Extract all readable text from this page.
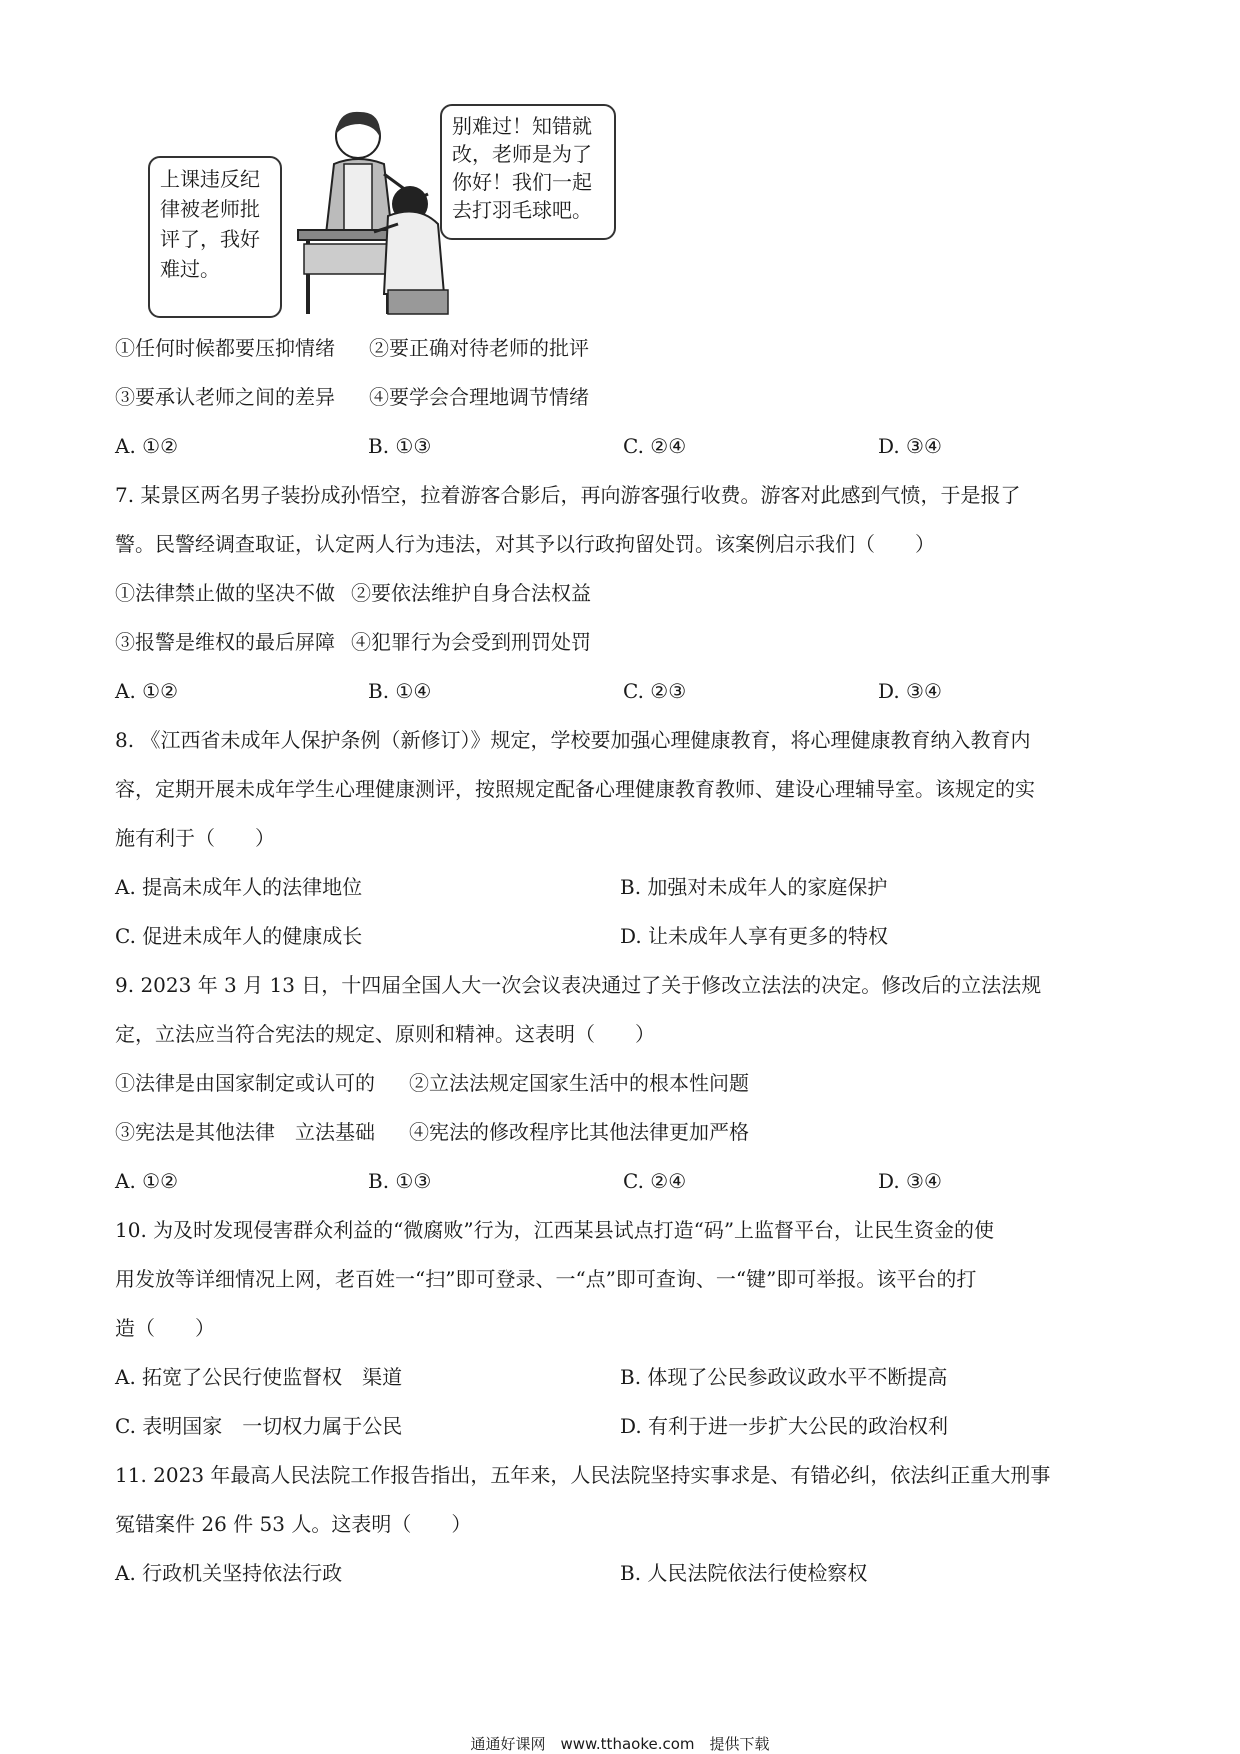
上课违反纪
律被老师批
评了，我好
难过。
别难过！知错就
改，老师是为了
你好！我们一起
去打羽毛球吧。
①任何时候都要压抑情绪 ②要正确对待老师的批评
③要承认老师之间的差异 ④要学会合理地调节情绪
A. ①②	B. ①③	C. ②④	D. ③④
7. 某景区两名男子装扮成孙悟空，拉着游客合影后，再向游客强行收费。游客对此感到气愤，于是报了
警。民警经调查取证，认定两人行为违法，对其予以行政拘留处罚。该案例启示我们（　　）
①法律禁止做的坚决不做 ②要依法维护自身合法权益
③报警是维权的最后屏障 ④犯罪行为会受到刑罚处罚
A. ①②	B. ①④	C. ②③	D. ③④
8. 《江西省未成年人保护条例（新修订）》规定，学校要加强心理健康教育，将心理健康教育纳入教育内
容，定期开展未成年学生心理健康测评，按照规定配备心理健康教育教师、建设心理辅导室。该规定的实
施有利于（　　）
A. 提高未成年人的法律地位	B. 加强对未成年人的家庭保护
C. 促进未成年人的健康成长	D. 让未成年人享有更多的特权
9. 2023 年 3 月 13 日，十四届全国人大一次会议表决通过了关于修改立法法的决定。修改后的立法法规
定，立法应当符合宪法的规定、原则和精神。这表明（　　）
①法律是由国家制定或认可的 ②立法法规定国家生活中的根本性问题
③宪法是其他法律　立法基础 ④宪法的修改程序比其他法律更加严格
A. ①②	B. ①③	C. ②④	D. ③④
10. 为及时发现侵害群众利益的“微腐败”行为，江西某县试点打造“码”上监督平台，让民生资金的使
用发放等详细情况上网，老百姓一“扫”即可登录、一“点”即可查询、一“键”即可举报。该平台的打
造（　　）
A. 拓宽了公民行使监督权　渠道	B. 体现了公民参政议政水平不断提高
C. 表明国家　一切权力属于公民	D. 有利于进一步扩大公民的政治权利
11. 2023 年最高人民法院工作报告指出，五年来，人民法院坚持实事求是、有错必纠，依法纠正重大刑事
冤错案件 26 件 53 人。这表明（　　）
A. 行政机关坚持依法行政	B. 人民法院依法行使检察权
通通好课网　www.tthaoke.com　提供下载
